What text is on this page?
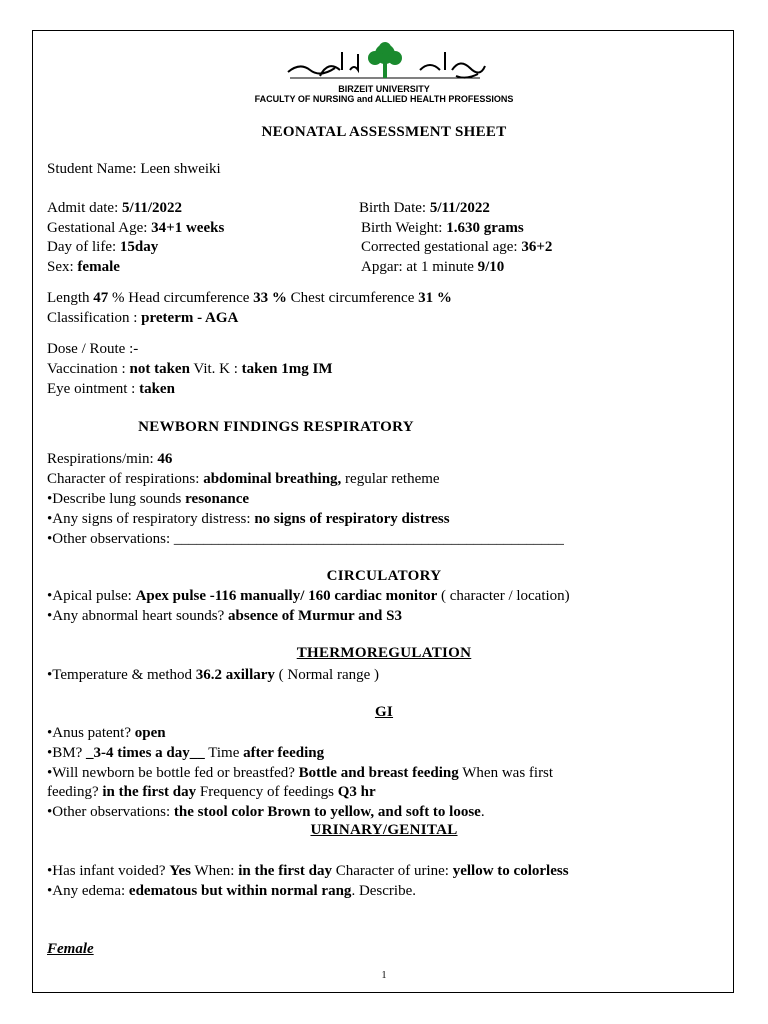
BIRZEIT UNIVERSITY
FACULTY OF NURSING and ALLIED HEALTH PROFESSIONS
NEONATAL ASSESSMENT SHEET
Student Name: Leen shweiki
Admit date: 5/11/2022
Gestational Age: 34+1 weeks
Day of life: 15day
Sex: female
Birth Date: 5/11/2022
Birth Weight: 1.630 grams
Corrected gestational age: 36+2
Apgar: at 1 minute 9/10
Length 47 % Head circumference 33 % Chest circumference 31 %
Classification : preterm - AGA
Dose / Route :-
Vaccination : not taken Vit. K : taken 1mg IM
Eye ointment : taken
NEWBORN FINDINGS RESPIRATORY
Respirations/min: 46
Character of respirations: abdominal breathing, regular retheme
•Describe lung sounds resonance
•Any signs of respiratory distress: no signs of respiratory distress
•Other observations: ____________________________________________________
CIRCULATORY
•Apical pulse: Apex pulse -116 manually/ 160 cardiac monitor ( character / location)
•Any abnormal heart sounds? absence of Murmur and S3
THERMOREGULATION
•Temperature & method 36.2 axillary ( Normal range )
GI
•Anus patent? open
•BM? _3-4 times a day__ Time after feeding
•Will newborn be bottle fed or breastfed? Bottle and breast feeding When was first
feeding? in the first day Frequency of feedings Q3 hr
•Other observations: the stool color Brown to yellow, and soft to loose.
URINARY/GENITAL
•Has infant voided? Yes When: in the first day Character of urine: yellow to colorless
•Any edema: edematous but within normal rang. Describe.
Female
1
